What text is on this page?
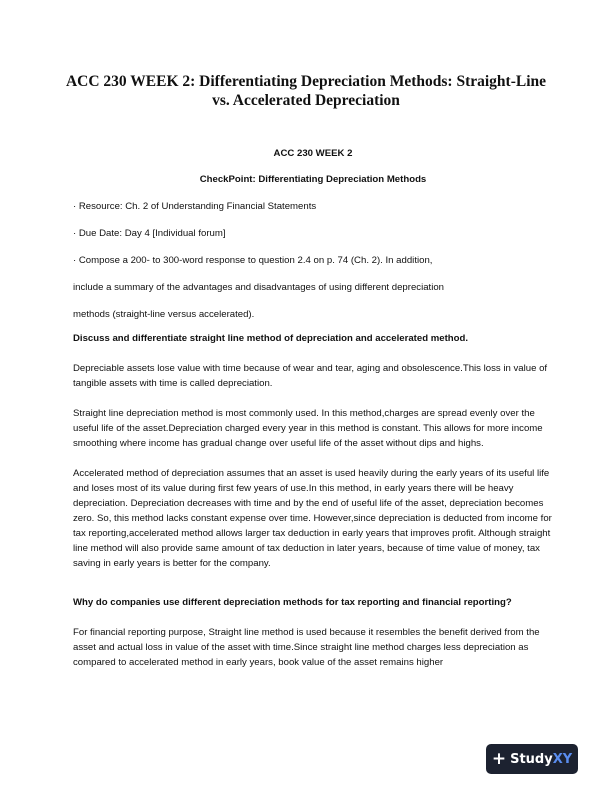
ACC 230 WEEK 2: Differentiating Depreciation Methods: Straight-Line vs. Accelerated Depreciation

ACC 230 WEEK 2

CheckPoint: Differentiating Depreciation Methods

· Resource: Ch. 2 of Understanding Financial Statements

· Due Date: Day 4 [Individual forum]

· Compose a 200- to 300-word response to question 2.4 on p. 74 (Ch. 2). In addition,

include a summary of the advantages and disadvantages of using different depreciation

methods (straight-line versus accelerated).

Discuss and differentiate straight line method of depreciation and accelerated method.

Depreciable assets lose value with time because of wear and tear, aging and obsolescence.This loss in value of tangible assets with time is called depreciation.

Straight line depreciation method is most commonly used. In this method,charges are spread evenly over the useful life of the asset.Depreciation charged every year in this method is constant. This allows for more income smoothing where income has gradual change over useful life of the asset without dips and highs.

Accelerated method of depreciation assumes that an asset is used heavily during the early years of its useful life and loses most of its value during first few years of use.In this method, in early years there will be heavy depreciation. Depreciation decreases with time and by the end of useful life of the asset, depreciation becomes zero. So, this method lacks constant expense over time. However,since depreciation is deducted from income for tax reporting,accelerated method allows larger tax deduction in early years that improves profit. Although straight line method will also provide same amount of tax deduction in later years, because of time value of money, tax saving in early years is better for the company.

Why do companies use different depreciation methods for tax reporting and financial reporting?

For financial reporting purpose, Straight line method is used because it resembles the benefit derived from the asset and actual loss in value of the asset with time.Since straight line method charges less depreciation as compared to accelerated method in early years, book value of the asset remains higher

+ Study XY
